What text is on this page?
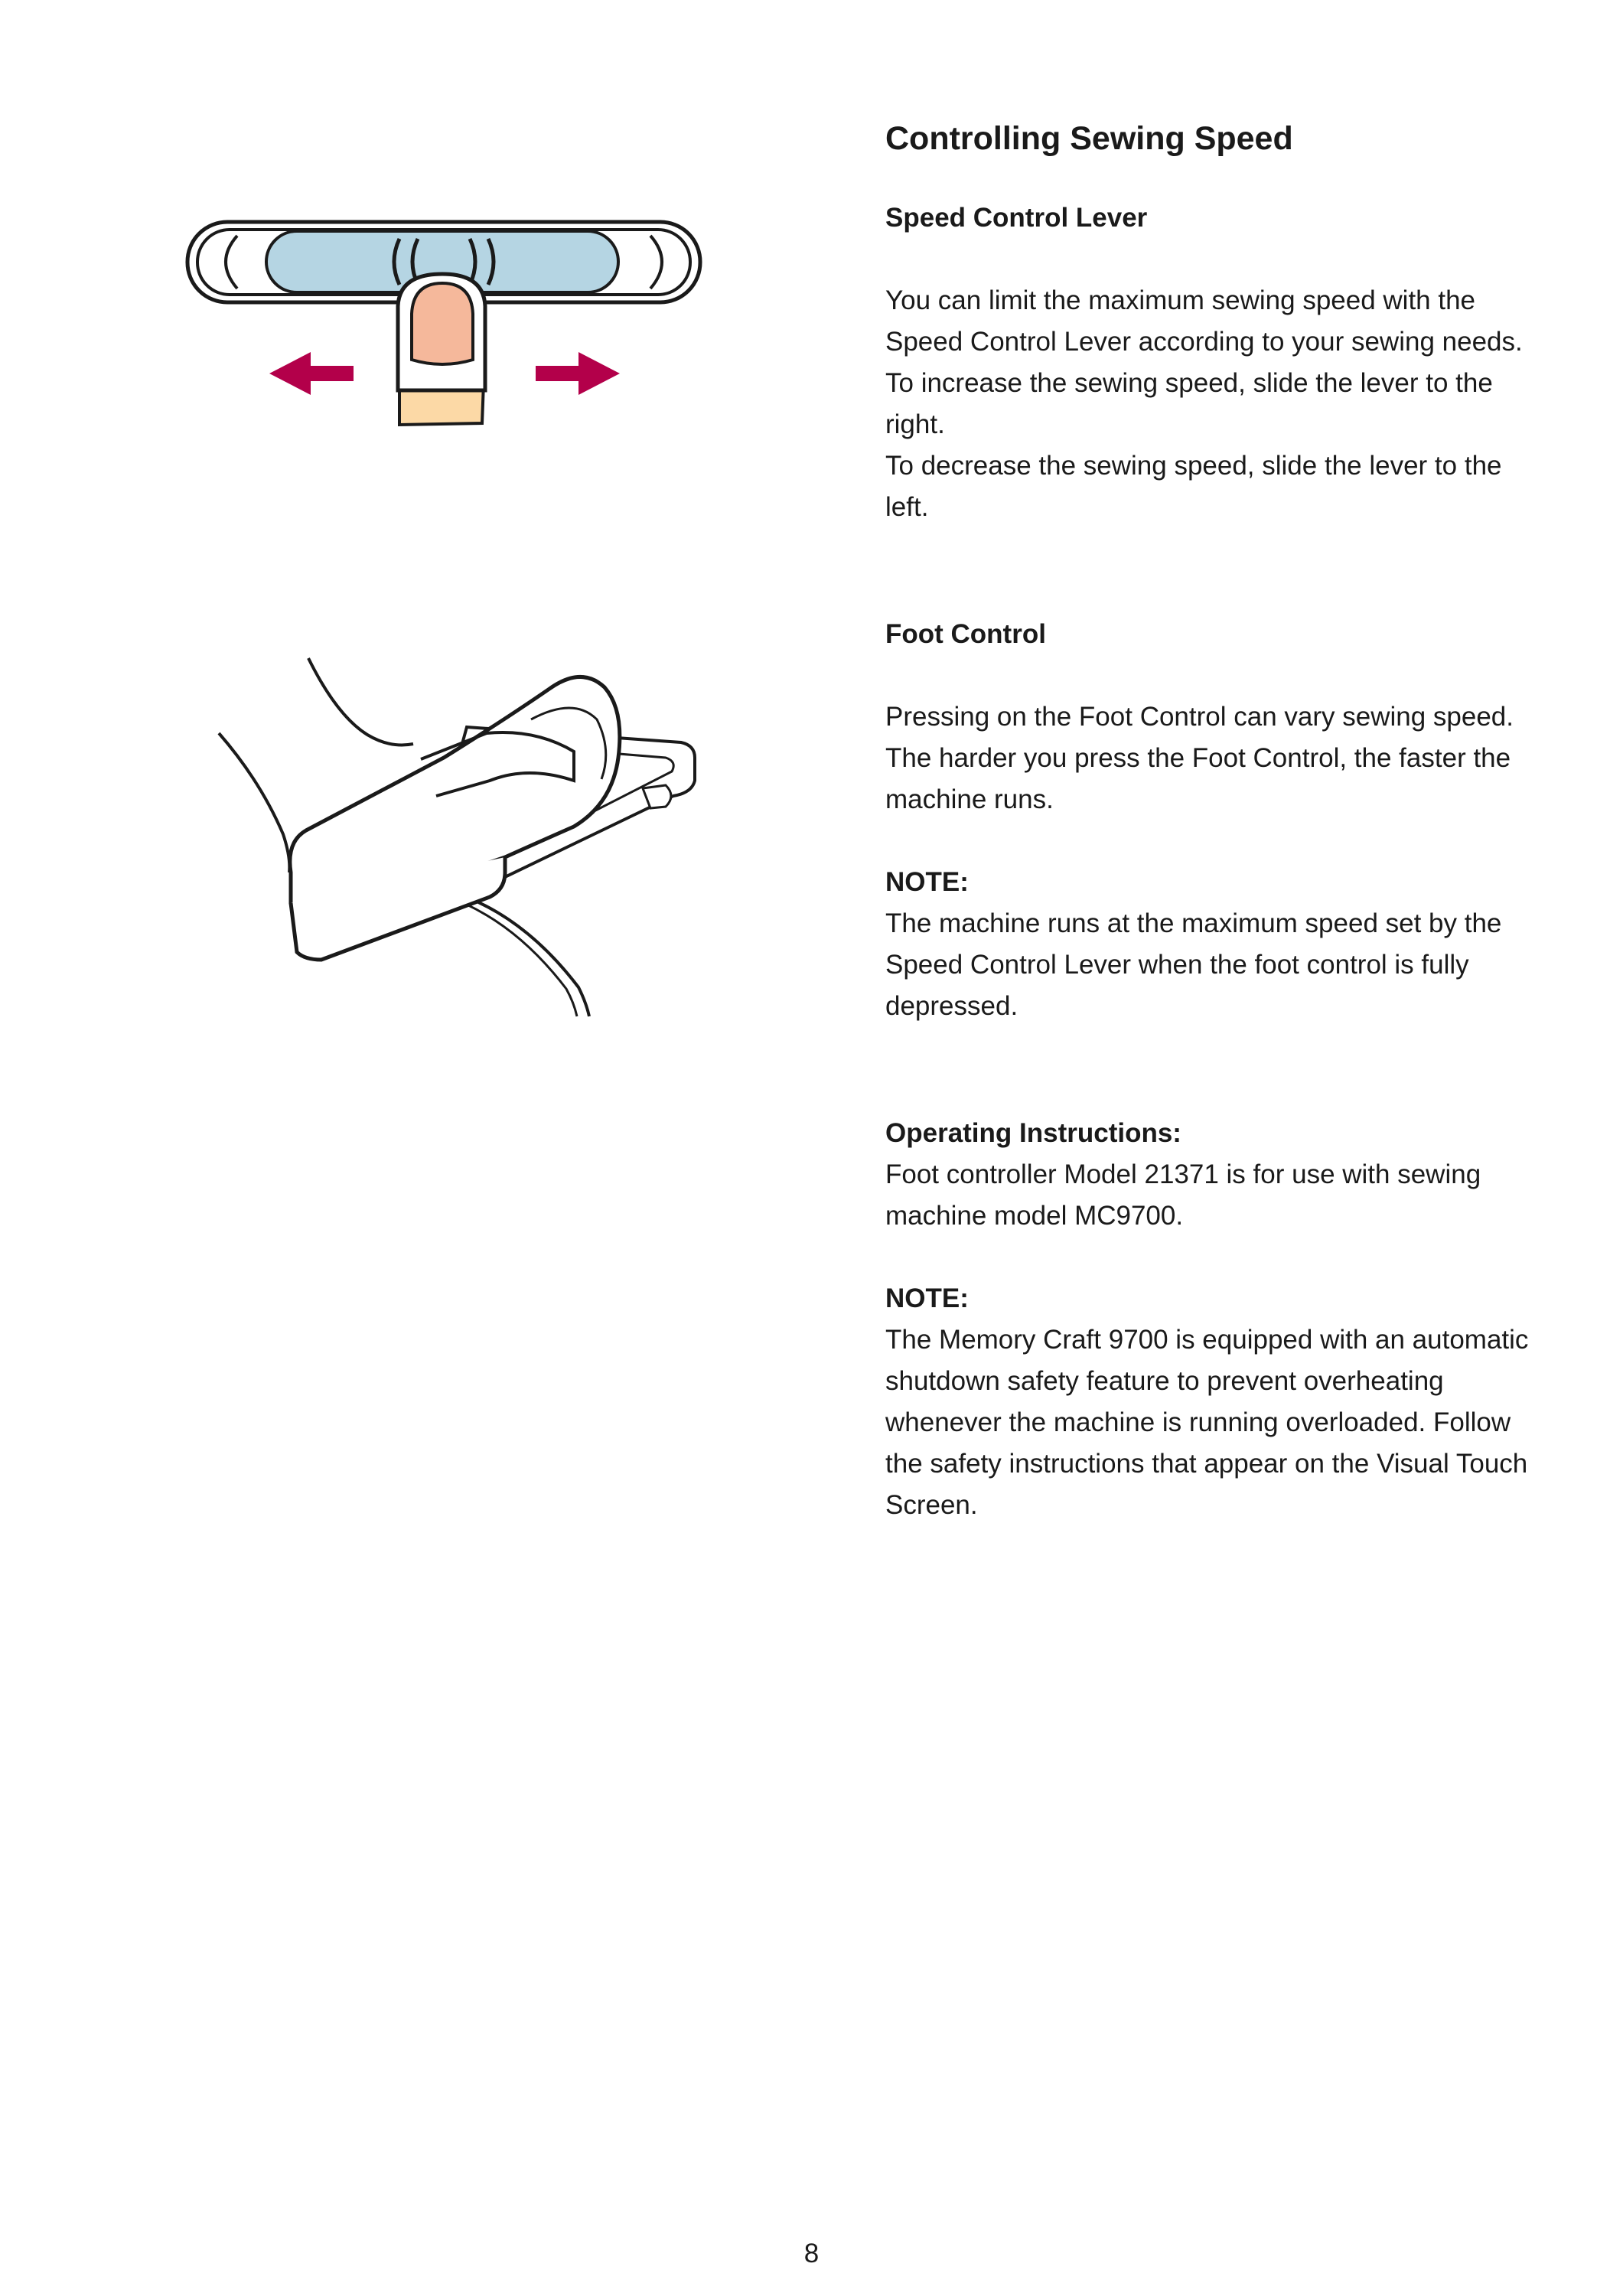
Controlling Sewing Speed
Speed Control Lever

You can limit the maximum sewing speed with the

Speed Control Lever according to your sewing needs.

To increase the sewing speed, slide the lever to the

right.

To decrease the sewing speed, slide the lever to the

left.

Foot Control

Pressing on the Foot Control can vary sewing speed.

The harder you press the Foot Control, the faster the

machine runs.

NOTE:

The machine runs at the maximum speed set by the

Speed Control Lever when the foot control is fully

depressed.

Operating Instructions:

Foot controller Model 21371 is for use with sewing

machine model MC9700.

NOTE:

The Memory Craft 9700 is equipped with an automatic

shutdown safety feature to prevent overheating

whenever the machine is running overloaded. Follow

the safety instructions that appear on the Visual Touch

Screen.

8
